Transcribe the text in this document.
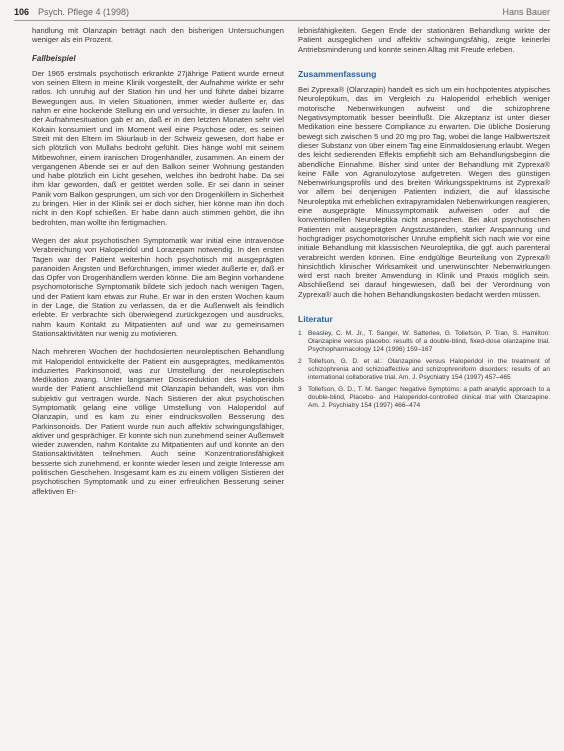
106 Psych. Pflege 4 (1998)	Hans Bauer

handlung mit Olanzapin beträgt nach den bisherigen Untersuchungen weniger als ein Prozent.

Fallbeispiel

Der 1965 erstmals psychotisch erkrankte 27jährige Patient wurde erneut von seinen Eltern in meine Klinik vorgestellt, der Aufnahme wirkte er sehr ratlos. Ich unruhig auf der Station hin und her und führte dabei bizarre Bewegungen aus. In vielen Situationen, immer wieder äußerte er, das nahm er eine hockende Stellung ein und versuchte, in dieser zu laufen. In der Aufnahmesituation gab er an, daß er in den letzten Monaten sehr viel Kokain konsumiert und im Moment weil eine Psychose oder, es seinen Streit mit den Eltern im Skiurlaub in der Schweiz gewesen, dort habe er sich plötzlich von Mullahs bedroht gefühlt. Dies hänge wohl mit seinem Mitbewohner, einem iranischen Drogenhändler, zusammen. An einem der vergangenen Abende sei er auf den Balkon seiner Wohnung gestanden und habe plötzlich ein Licht gesehen, welches ihn bedroht habe. Da sei ihm klar geworden, daß er getötet werden solle. Er sei dann in seiner Panik vom Balkon gesprungen, um sich vor den Drogenkillern in Sicherheit zu bringen. Hier in der Klinik sei er doch sicher, hier könne man ihn doch nicht in den Kopf schießen. Er habe dann auch stimmen gehört, die ihn bedrohten, man wollte ihn fertigmachen.

Wegen der akut psychotischen Symptomatik war initial eine intravenöse Verabreichung von Haloperidol und Lorazepam notwendig. In den ersten Tagen war der Patient weiterhin hoch psychotisch mit ausgeprägten paranoiden Ängsten und Befürchtungen, immer wieder äußerte er, daß er das Opfer von Drogenhändlern werden könne. Die am Beginn vorhandene psychomotorische Symptomatik bildete sich jedoch nach wenigen Tagen, und der Patient kam etwas zur Ruhe. Er war in den ersten Wochen kaum in der Lage, die Station zu verlassen, da er die Außenwelt als feindlich erlebte. Er verbrachte sich überwiegend zurückgezogen und ausdrucks, nahm kaum Kontakt zu Mitpatienten auf und war zu gemeinsamen Stationsaktivitäten nur wenig zu motivieren.

Nach mehreren Wochen der hochdosierten neuroleptischen Behandlung mit Haloperidol entwickelte der Patient ein ausgeprägtes, medikamentös induziertes Parkinsonoid, was zur Umstellung der neuroleptischen Medikation zwang. Unter langsamer Dosisreduktion des Haloperidols wurde der Patient anschließend mit Olanzapin behandelt, was von ihm subjektiv gut vertragen wurde. Nach Sistieren der akut psychotischen Symptomatik gelang eine völlige Umstellung von Haloperidol auf Olanzapin, und es kam zu einer eindrucksvollen Besserung des Parkinsonoids. Der Patient wurde nun auch affektiv schwingungsfähiger, aktiver und gesprächiger. Er konnte sich nun zunehmend seiner Außenwelt wieder zuwenden, nahm Kontakte zu Mitpatienten auf und konnte an den Stationsaktivitäten teilnehmen. Auch seine Konzentrationsfähigkeit besserte sich zunehmend, er konnte wieder lesen und zeigte Interesse am politischen Geschehen. Insgesamt kam es zu einem völligen Sistieren der psychotischen Symptomatik und zu einer erfreulichen Besserung seiner affektiven Er-

lebnisfähigkeiten. Gegen Ende der stationären Behandlung wirkte der Patient ausgeglichen und affektiv schwingungsfähig, zeigte keinerlei Antriebsminderung und konnte seinen Alltag mit Freude erleben.

Zusammenfassung

Bei Zyprexa® (Olanzapin) handelt es sich um ein hochpotentes atypisches Neuroleptikum, das im Vergleich zu Haloperidol erheblich weniger motorische Nebenwirkungen aufweist und die schizophrene Negativsymptomatik besser beeinflußt. Die Akzeptanz ist unter dieser Medikation eine bessere Compliance zu erwarten. Die übliche Dosierung bewegt sich zwischen 5 und 20 mg pro Tag, wobei die lange Halbwertszeit dieser Substanz von über einem Tag eine Einmaldosierung erlaubt. Wegen des leicht sedierenden Effekts empfiehlt sich am Behandlungsbeginn die abendliche Einnahme. Bisher sind unter der Behandlung mit Zyprexa® keine Fälle von Agranulozytose aufgetreten. Wegen des günstigen Nebenwirkungsprofils und des breiten Wirkungsspektrums ist Zyprexa® vor allem bei denjenigen Patienten indiziert, die auf klassische Neuroleptika mit erheblichen extrapyramidalen Nebenwirkungen reagieren, eine ausgeprägte Minussymptomatik aufweisen oder auf die konventionellen Neuroleptika nicht ansprechen. Bei akut psychotischen Patienten mit ausgeprägten Angstzuständen, starker Anspannung und hochgradiger psychomotorischer Unruhe empfiehlt sich nach wie vor eine initiale Behandlung mit klassischen Neuroleptika, die ggf. auch parenteral verabreicht werden können. Eine endgültige Beurteilung von Zyprexa® hinsichtlich klinischer Wirksamkeit und unerwünschter Nebenwirkungen wird erst nach breiter Anwendung in Klinik und Praxis möglich sein. Abschließend sei darauf hingewiesen, daß bei der Verordnung von Zyprexa® auch die hohen Behandlungskosten bedacht werden müssen.

Literatur
1 Beasley, C. M. Jr., T. Sanger, W. Satterlee, G. Tollefson, P. Tran, S. Hamilton: Olanzapine versus placebo: results of a double-blind, fixed-dose olanzapine trial. Psychopharmacology 124 (1996) 159–167
2 Tollefson, G. D. et al.: Olanzapine versus Haloperidol in the treatment of schizophrenia and schizoaffective and schizophreniform disorders: results of an international collaborative trial. Am. J. Psychiatry 154 (1997) 457–465
3 Tollefson, G. D., T. M. Sanger: Negative Symptoms: a path analytic approach to a double-blind, Placebo- and Haloperidol-controlled clinical trial with Olanzapine. Am. J. Psychiatry 154 (1997) 466–474
